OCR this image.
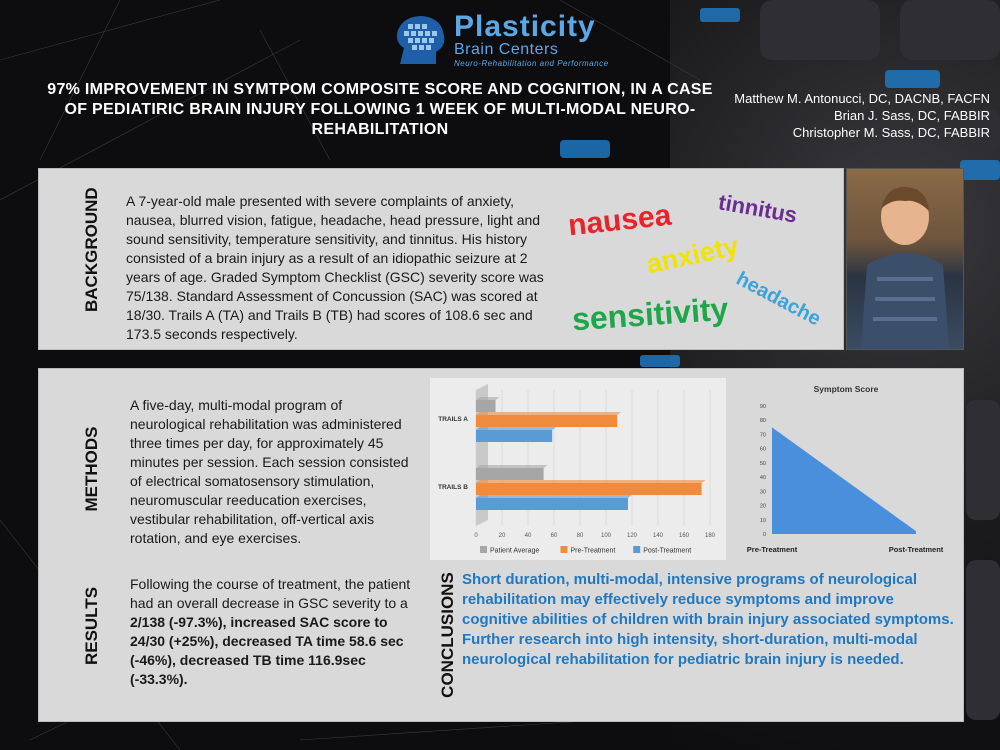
Plasticity
Brain Centers
Neuro-Rehabilitation and Performance
97% IMPROVEMENT IN SYMTPOM COMPOSITE SCORE AND COGNITION, IN A CASE OF PEDIATIRIC BRAIN INJURY FOLLOWING 1 WEEK OF MULTI-MODAL NEURO-REHABILITATION
Matthew M. Antonucci, DC, DACNB, FACFN
Brian J. Sass, DC, FABBIR
Christopher M. Sass, DC, FABBIR
BACKGROUND A 7-year-old male presented with severe complaints of anxiety, nausea, blurred vision, fatigue, headache, head pressure, light and sound sensitivity, temperature sensitivity, and tinnitus. His history consisted of a brain injury as a result of an idiopathic seizure at 2 years of age. Graded Symptom Checklist (GSC) severity score was 75/138. Standard Assessment of Concussion (SAC) was scored at 18/30. Trails A (TA) and Trails B (TB) had scores of 108.6 sec and 173.5 seconds respectively.
nausea tinnitus
anxiety
headache
sensitivity
METHODS
A five-day, multi-modal program of neurological rehabilitation was administered three times per day, for approximately 45 minutes per session. Each session consisted of electrical somatosensory stimulation, neuromuscular reeducation exercises, vestibular rehabilitation, off-vertical axis rotation, and eye exercises.
RESULTS
Following the course of treatment, the patient had an overall decrease in GSC severity to a 2/138 (-97.3%), increased SAC score to 24/30 (+25%), decreased TA time 58.6 sec (-46%), decreased TB time 116.9sec (-33.3%).	CONCLUSIONS Short duration, multi-modal, intensive programs of neurological rehabilitation may effectively reduce symptoms and improve cognitive abilities of children with brain injury associated symptoms. Further research into high intensity, short-duration, multi-modal neurological rehabilitation for pediatric brain injury is needed.
0	20	40	60	80	100	120	140	160	180
TRAILS A
TRAILS B
Patient Average	Pre-Treatment	Post-Treatment
Symptom Score
0
10
20
30
40
50
60
70
80
90
Pre-Treatment	Post-Treatment
